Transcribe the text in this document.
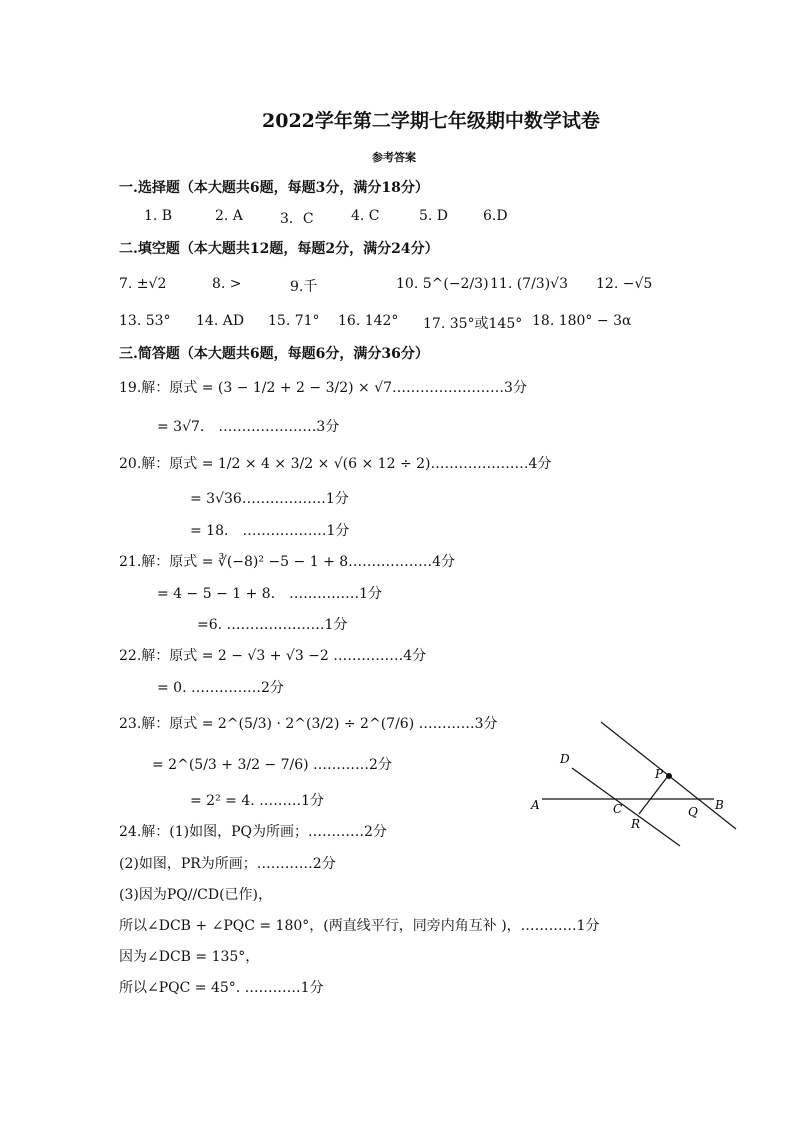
2022学年第二学期七年级期中数学试卷
参考答案
一.选择题（本大题共6题，每题3分，满分18分）
1. B	2. A	3．C	4. C	5. D 6.D
二.填空题（本大题共12题，每题2分，满分24分）
7. ±√2	8. >	9.千	10. 5^(−2/3) 11. (7/3)√3 12. −√5
13. 53° 14. AD 15. 71° 16. 142° 17. 35°或145° 18. 180° − 3α
三.简答题（本大题共6题，每题6分，满分36分）
19.解：原式 = (3 − 1/2 + 2 − 3/2) × √7……………………3分
= 3√7． …………………3分
20.解：原式 = 1/2 × 4 × 3/2 × √(6 × 12 ÷ 2)…………………4分
= 3√36………………1分
= 18． ………………1分
21.解：原式 = ∛(−8)² −5 − 1 + 8………………4分
= 4 − 5 − 1 + 8． ……………1分
=6. …………………1分
22.解：原式 = 2 − √3 + √3 −2 ……………4分
= 0. ……………2分
23.解：原式 = 2^(5/3) · 2^(3/2) ÷ 2^(7/6) …………3分
= 2^(5/3 + 3/2 − 7/6) …………2分
= 2² = 4. ………1分
24.解：(1)如图，PQ为所画；…………2分
(2)如图，PR为所画；…………2分
(3)因为PQ//CD(已作)，
所以∠DCB + ∠PQC = 180°，(两直线平行，同旁内角互补 )，…………1分
因为∠DCB = 135°，
所以∠PQC = 45°. …………1分
D
P
A	C	Q B
R
